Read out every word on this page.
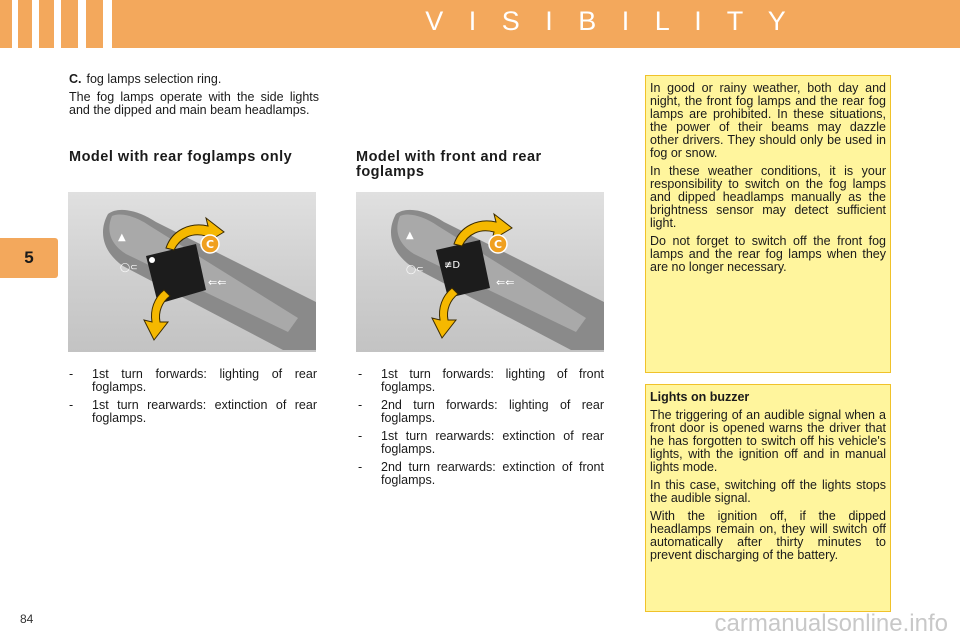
V I S I B I L I T Y
5

C. fog lamps selection ring.

The fog lamps operate with the side lights and the dipped and main beam headlamps.

Model with rear foglamps only	Model with front and rear foglamps
▲
◯⊂
⇐⇐
C
≢D
▲
◯⊂
⇐⇐
C
- 1st turn forwards: lighting of rear foglamps.
- 1st turn rearwards: extinction of rear foglamps.
- 1st turn forwards: lighting of front foglamps.
- 2nd turn forwards: lighting of rear foglamps.
- 1st turn rearwards: extinction of rear foglamps.
- 2nd turn rearwards: extinction of front foglamps.

In good or rainy weather, both day and night, the front fog lamps and the rear fog lamps are prohibited. In these situations, the power of their beams may dazzle other drivers. They should only be used in fog or snow.

In these weather conditions, it is your responsibility to switch on the fog lamps and dipped headlamps manually as the brightness sensor may detect sufficient light.

Do not forget to switch off the front fog lamps and the rear fog lamps when they are no longer necessary.

Lights on buzzer

The triggering of an audible signal when a front door is opened warns the driver that he has forgotten to switch off his vehicle's lights, with the ignition off and in manual lights mode.

In this case, switching off the lights stops the audible signal.

With the ignition off, if the dipped headlamps remain on, they will switch off automatically after thirty minutes to prevent discharging of the battery.

84	carmanualsonline.info
